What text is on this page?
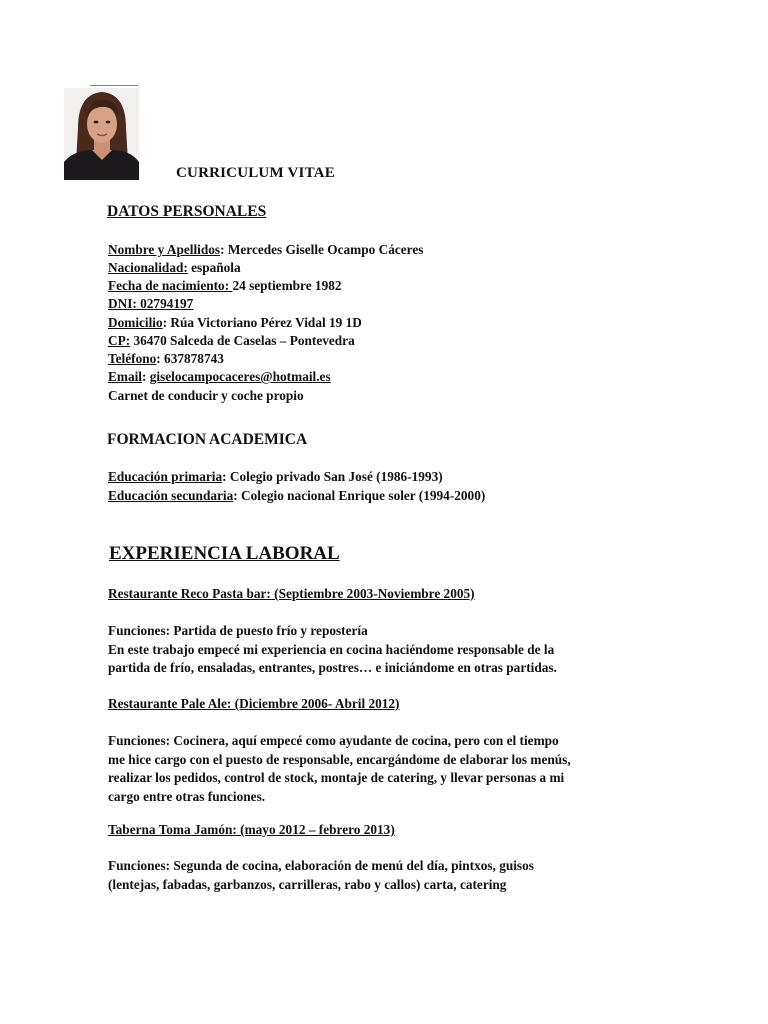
CURRICULUM VITAE
DATOS PERSONALES
Nombre y Apellidos: Mercedes Giselle Ocampo Cáceres
Nacionalidad: española
Fecha de nacimiento: 24 septiembre 1982
DNI: 02794197
Domicilio: Rúa Victoriano Pérez Vidal 19 1D
CP: 36470 Salceda de Caselas – Pontevedra
Teléfono: 637878743
Email: giselocampocaceres@hotmail.es
Carnet de conducir y coche propio
FORMACION ACADEMICA
Educación primaria: Colegio privado San José (1986-1993)
Educación secundaria: Colegio nacional Enrique soler (1994-2000)
EXPERIENCIA LABORAL
Restaurante Reco Pasta bar: (Septiembre 2003-Noviembre 2005)
Funciones: Partida de puesto frío y repostería
En este trabajo empecé mi experiencia en cocina haciéndome responsable de la
partida de frío, ensaladas, entrantes, postres… e iniciándome en otras partidas.
Restaurante Pale Ale: (Diciembre 2006- Abril 2012)
Funciones: Cocinera, aquí empecé como ayudante de cocina, pero con el tiempo
me hice cargo con el puesto de responsable, encargándome de elaborar los menús,
realizar los pedidos, control de stock, montaje de catering, y llevar personas a mi
cargo entre otras funciones.
Taberna Toma Jamón: (mayo 2012 – febrero 2013)
Funciones: Segunda de cocina, elaboración de menú del día, pintxos, guisos
(lentejas, fabadas, garbanzos, carrilleras, rabo y callos) carta, catering
